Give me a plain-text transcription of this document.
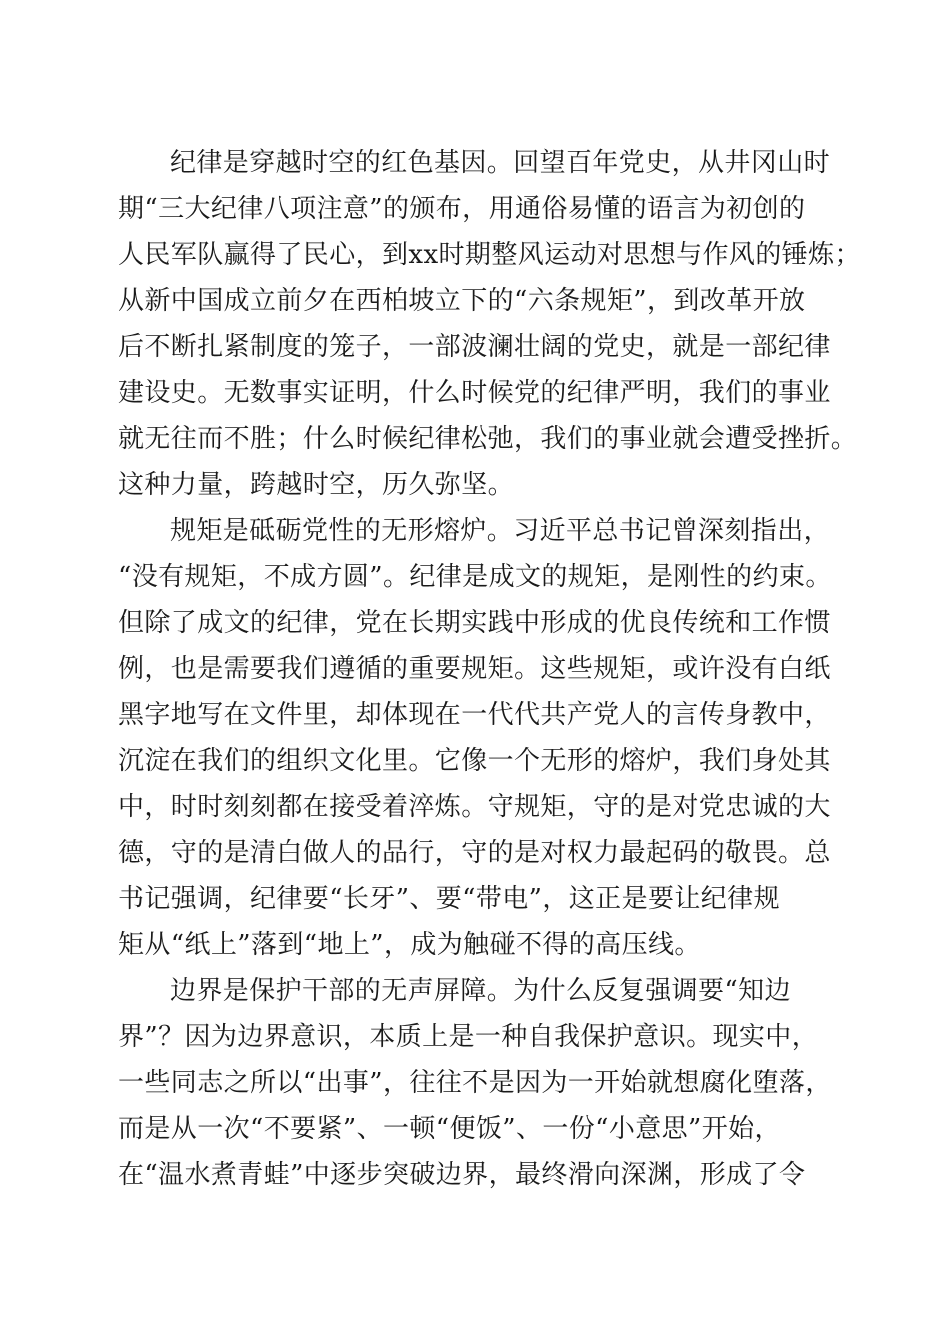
纪律是穿越时空的红色基因。回望百年党史，从井冈山时
期“三大纪律八项注意”的颁布，用通俗易懂的语言为初创的
人民军队赢得了民心，到xx时期整风运动对思想与作风的锤炼；
从新中国成立前夕在西柏坡立下的“六条规矩”，到改革开放
后不断扎紧制度的笼子，一部波澜壮阔的党史，就是一部纪律
建设史。无数事实证明，什么时候党的纪律严明，我们的事业
就无往而不胜；什么时候纪律松弛，我们的事业就会遭受挫折。
这种力量，跨越时空，历久弥坚。
规矩是砥砺党性的无形熔炉。习近平总书记曾深刻指出，
“没有规矩，不成方圆”。纪律是成文的规矩，是刚性的约束。
但除了成文的纪律，党在长期实践中形成的优良传统和工作惯
例，也是需要我们遵循的重要规矩。这些规矩，或许没有白纸
黑字地写在文件里，却体现在一代代共产党人的言传身教中，
沉淀在我们的组织文化里。它像一个无形的熔炉，我们身处其
中，时时刻刻都在接受着淬炼。守规矩，守的是对党忠诚的大
德，守的是清白做人的品行，守的是对权力最起码的敬畏。总
书记强调，纪律要“长牙”、要“带电”，这正是要让纪律规
矩从“纸上”落到“地上”，成为触碰不得的高压线。
边界是保护干部的无声屏障。为什么反复强调要“知边
界”？因为边界意识，本质上是一种自我保护意识。现实中，
一些同志之所以“出事”，往往不是因为一开始就想腐化堕落，
而是从一次“不要紧”、一顿“便饭”、一份“小意思”开始，
在“温水煮青蛙”中逐步突破边界，最终滑向深渊，形成了令
